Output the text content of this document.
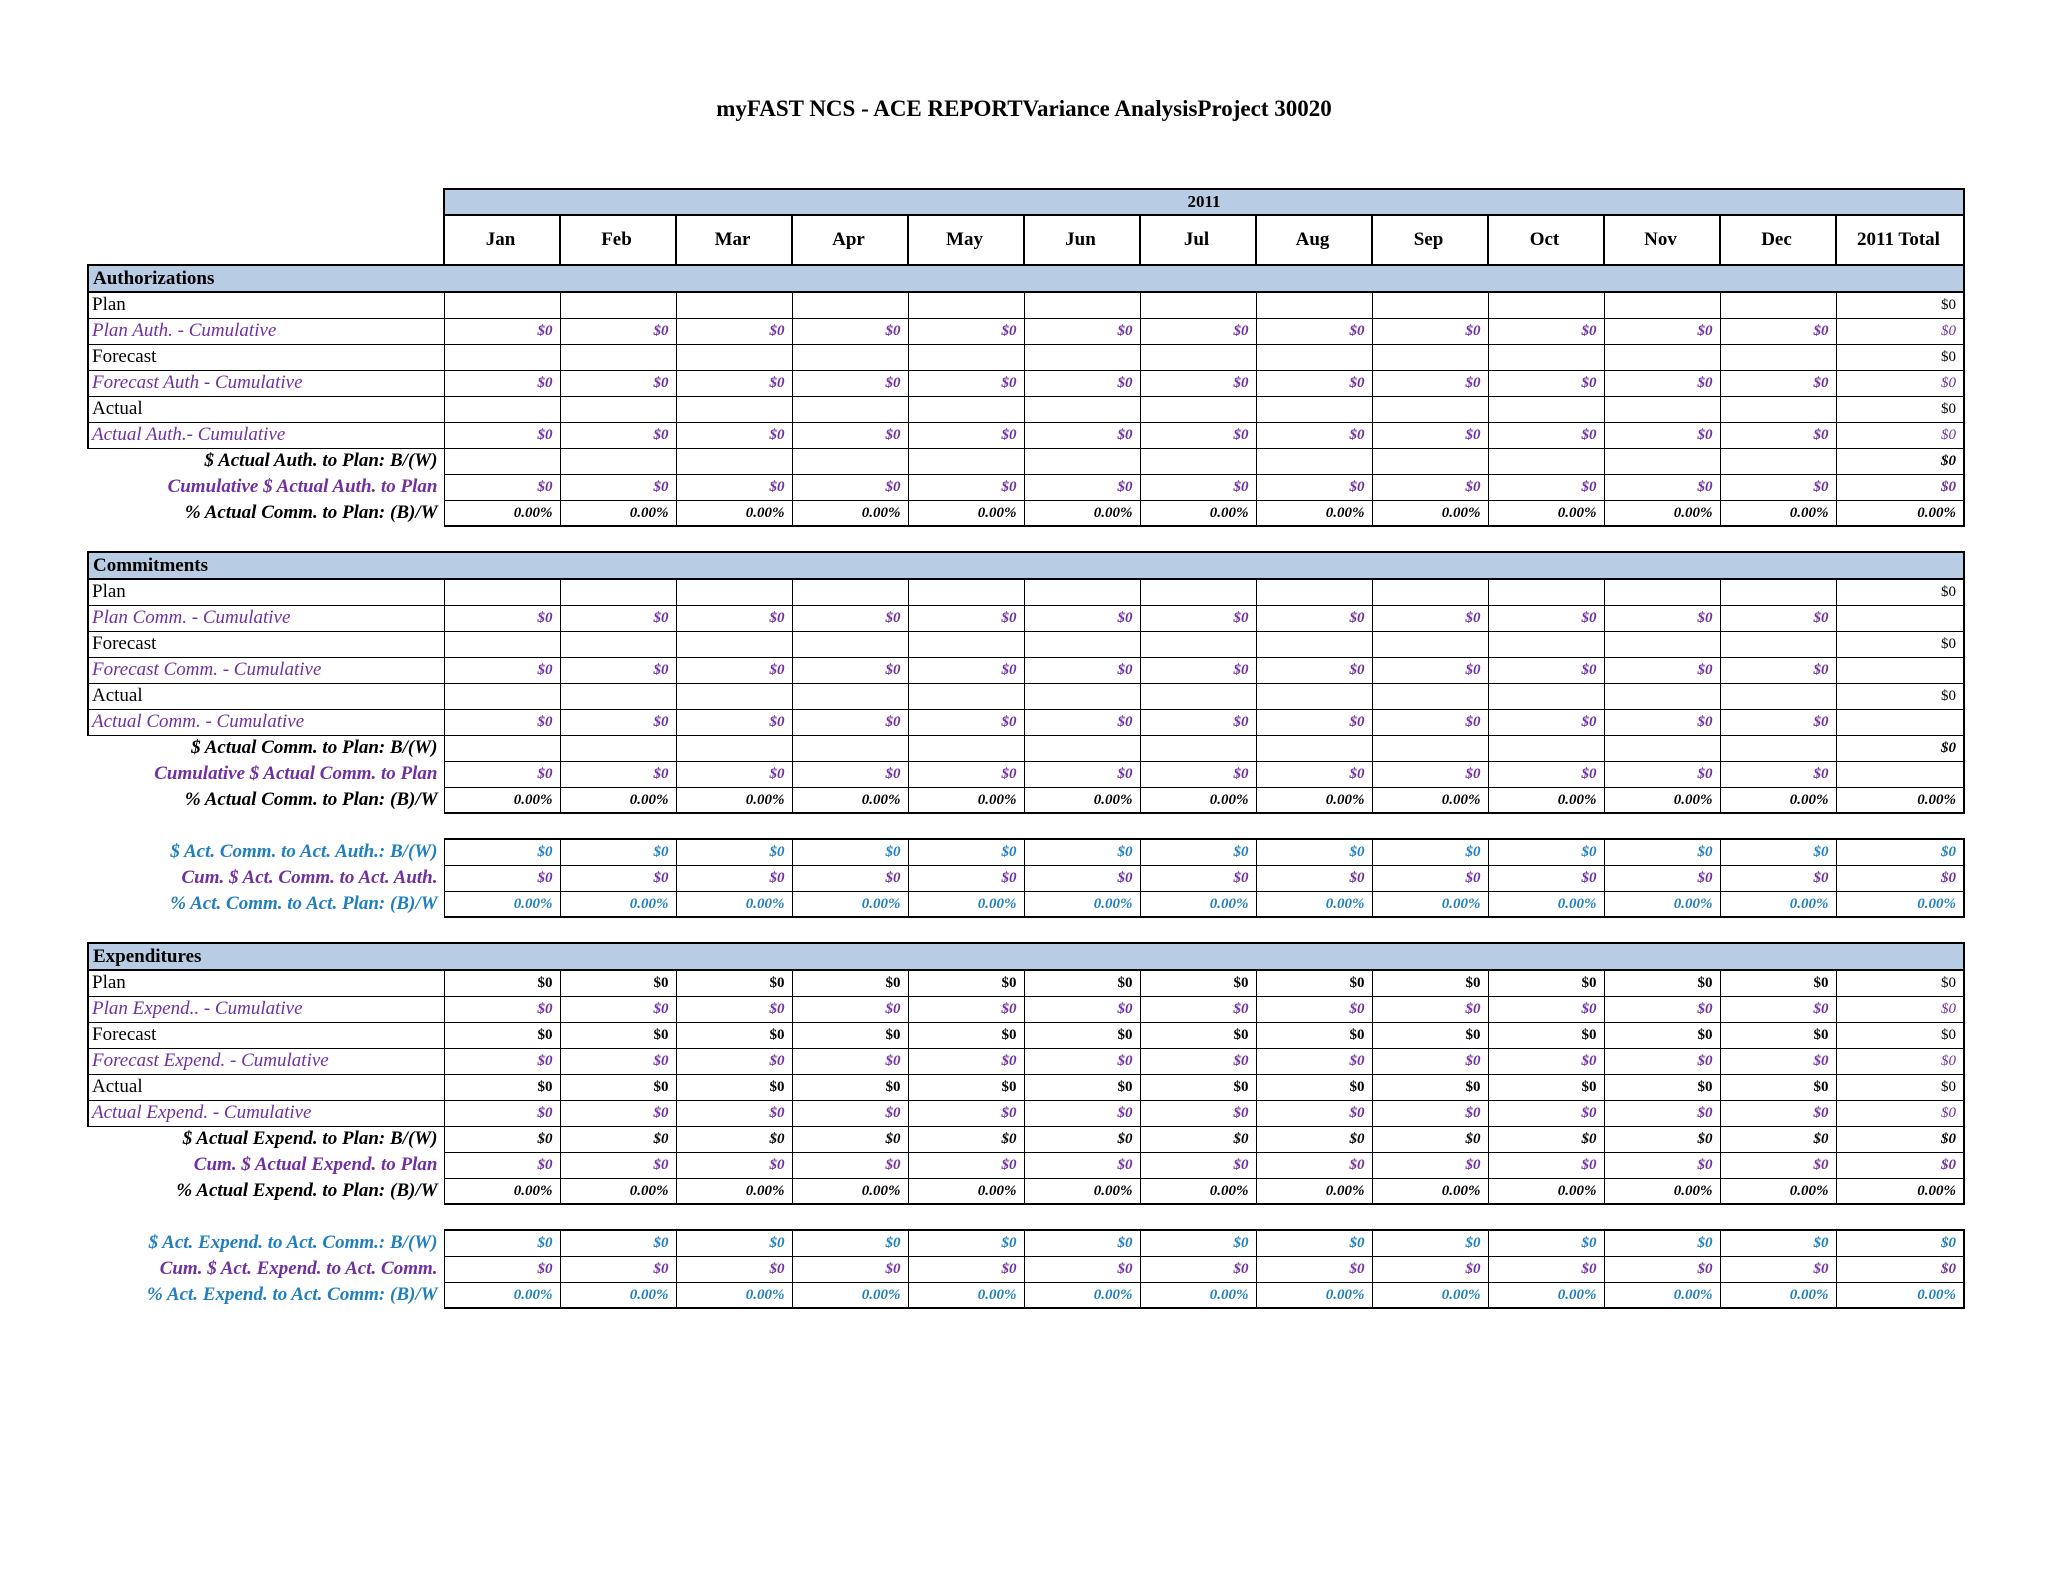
myFAST NCS - ACE REPORTVariance AnalysisProject 30020
	2011												
	Jan	Feb	Mar	Apr	May	Jun	Jul	Aug	Sep	Oct	Nov	Dec	2011 Total
Authorizations													
Plan													$0
Plan Auth. - Cumulative	$0	$0	$0	$0	$0	$0	$0	$0	$0	$0	$0	$0	$0
Forecast													$0
Forecast Auth - Cumulative	$0	$0	$0	$0	$0	$0	$0	$0	$0	$0	$0	$0	$0
Actual													$0
Actual Auth.- Cumulative	$0	$0	$0	$0	$0	$0	$0	$0	$0	$0	$0	$0	$0
$ Actual Auth. to Plan: B/(W)													$0
Cumulative $ Actual Auth. to Plan	$0	$0	$0	$0	$0	$0	$0	$0	$0	$0	$0	$0	$0
% Actual Comm. to Plan: (B)/W	0.00%	0.00%	0.00%	0.00%	0.00%	0.00%	0.00%	0.00%	0.00%	0.00%	0.00%	0.00%	0.00%

Commitments													
Plan													$0
Plan Comm. - Cumulative	$0	$0	$0	$0	$0	$0	$0	$0	$0	$0	$0	$0	
Forecast													$0
Forecast Comm. - Cumulative	$0	$0	$0	$0	$0	$0	$0	$0	$0	$0	$0	$0	
Actual													$0
Actual Comm. - Cumulative	$0	$0	$0	$0	$0	$0	$0	$0	$0	$0	$0	$0	
$ Actual Comm. to Plan: B/(W)													$0
Cumulative $ Actual Comm. to Plan	$0	$0	$0	$0	$0	$0	$0	$0	$0	$0	$0	$0	
% Actual Comm. to Plan: (B)/W	0.00%	0.00%	0.00%	0.00%	0.00%	0.00%	0.00%	0.00%	0.00%	0.00%	0.00%	0.00%	0.00%

$ Act. Comm. to Act. Auth.: B/(W)	$0	$0	$0	$0	$0	$0	$0	$0	$0	$0	$0	$0	$0
Cum. $ Act. Comm. to Act. Auth.	$0	$0	$0	$0	$0	$0	$0	$0	$0	$0	$0	$0	$0
% Act. Comm. to Act. Plan: (B)/W	0.00%	0.00%	0.00%	0.00%	0.00%	0.00%	0.00%	0.00%	0.00%	0.00%	0.00%	0.00%	0.00%

Expenditures													
Plan	$0	$0	$0	$0	$0	$0	$0	$0	$0	$0	$0	$0	$0
Plan Expend.. - Cumulative	$0	$0	$0	$0	$0	$0	$0	$0	$0	$0	$0	$0	$0
Forecast	$0	$0	$0	$0	$0	$0	$0	$0	$0	$0	$0	$0	$0
Forecast Expend. - Cumulative	$0	$0	$0	$0	$0	$0	$0	$0	$0	$0	$0	$0	$0
Actual	$0	$0	$0	$0	$0	$0	$0	$0	$0	$0	$0	$0	$0
Actual Expend. - Cumulative	$0	$0	$0	$0	$0	$0	$0	$0	$0	$0	$0	$0	$0
$ Actual Expend. to Plan: B/(W)	$0	$0	$0	$0	$0	$0	$0	$0	$0	$0	$0	$0	$0
Cum. $ Actual Expend. to Plan	$0	$0	$0	$0	$0	$0	$0	$0	$0	$0	$0	$0	$0
% Actual Expend. to Plan: (B)/W	0.00%	0.00%	0.00%	0.00%	0.00%	0.00%	0.00%	0.00%	0.00%	0.00%	0.00%	0.00%	0.00%

$ Act. Expend. to Act. Comm.: B/(W)	$0	$0	$0	$0	$0	$0	$0	$0	$0	$0	$0	$0	$0
Cum. $ Act. Expend. to Act. Comm.	$0	$0	$0	$0	$0	$0	$0	$0	$0	$0	$0	$0	$0
% Act. Expend. to Act. Comm: (B)/W	0.00%	0.00%	0.00%	0.00%	0.00%	0.00%	0.00%	0.00%	0.00%	0.00%	0.00%	0.00%	0.00%
